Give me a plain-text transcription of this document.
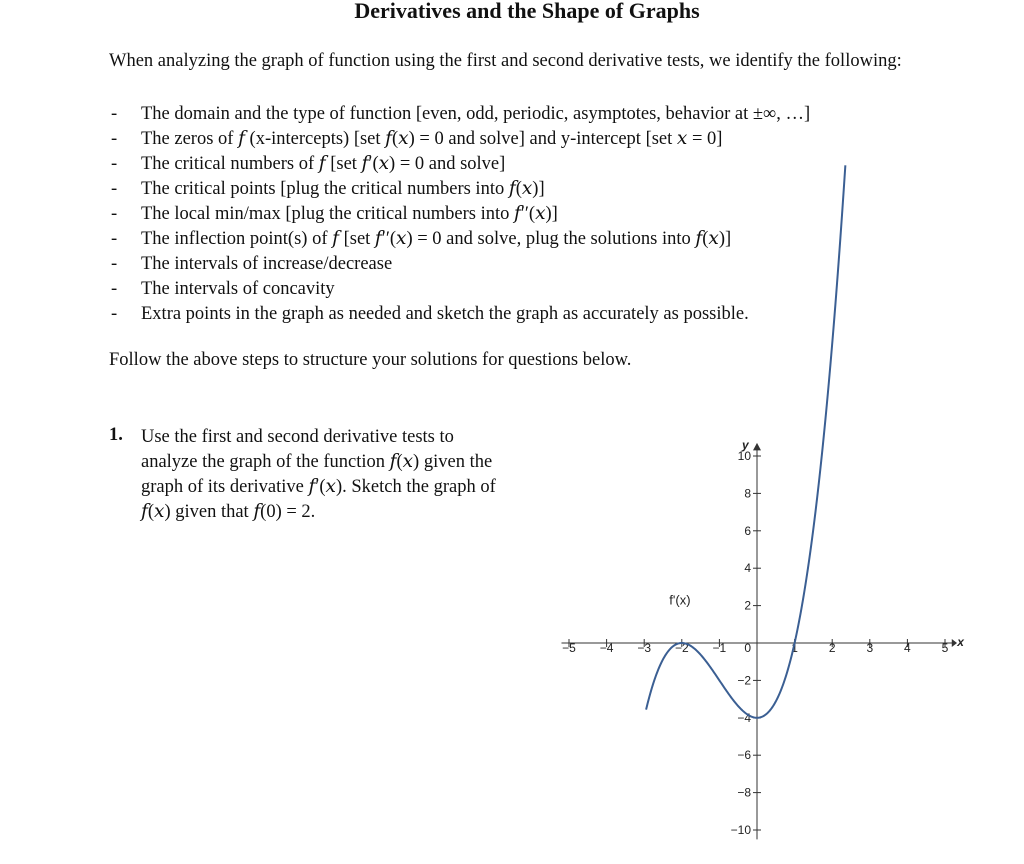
Derivatives and the Shape of Graphs

When analyzing the graph of function using the first and second derivative tests, we identify the following:

- The domain and the type of function [even, odd, periodic, asymptotes, behavior at ±∞, …]
- The zeros of 𝑓 (x-intercepts) [set 𝑓(𝑥) = 0 and solve] and y-intercept [set 𝑥 = 0]
- The critical numbers of 𝑓 [set 𝑓′(𝑥) = 0 and solve]
- The critical points [plug the critical numbers into 𝑓(𝑥)]
- The local min/max [plug the critical numbers into 𝑓′′(𝑥)]
- The inflection point(s) of 𝑓 [set 𝑓′′(𝑥) = 0 and solve, plug the solutions into 𝑓(𝑥)]
- The intervals of increase/decrease
- The intervals of concavity
- Extra points in the graph as needed and sketch the graph as accurately as possible.

Follow the above steps to structure your solutions for questions below.

1. Use the first and second derivative tests to analyze the graph of the function 𝑓(𝑥) given the graph of its derivative 𝑓′(𝑥). Sketch the graph of 𝑓(𝑥) given that 𝑓(0) = 2.

−5 −4 −3 −2 −1	1	2	3	4	5
−10
−8
−6
−4
−2
2
4
6
8
10
0	x
y
f'(x)
